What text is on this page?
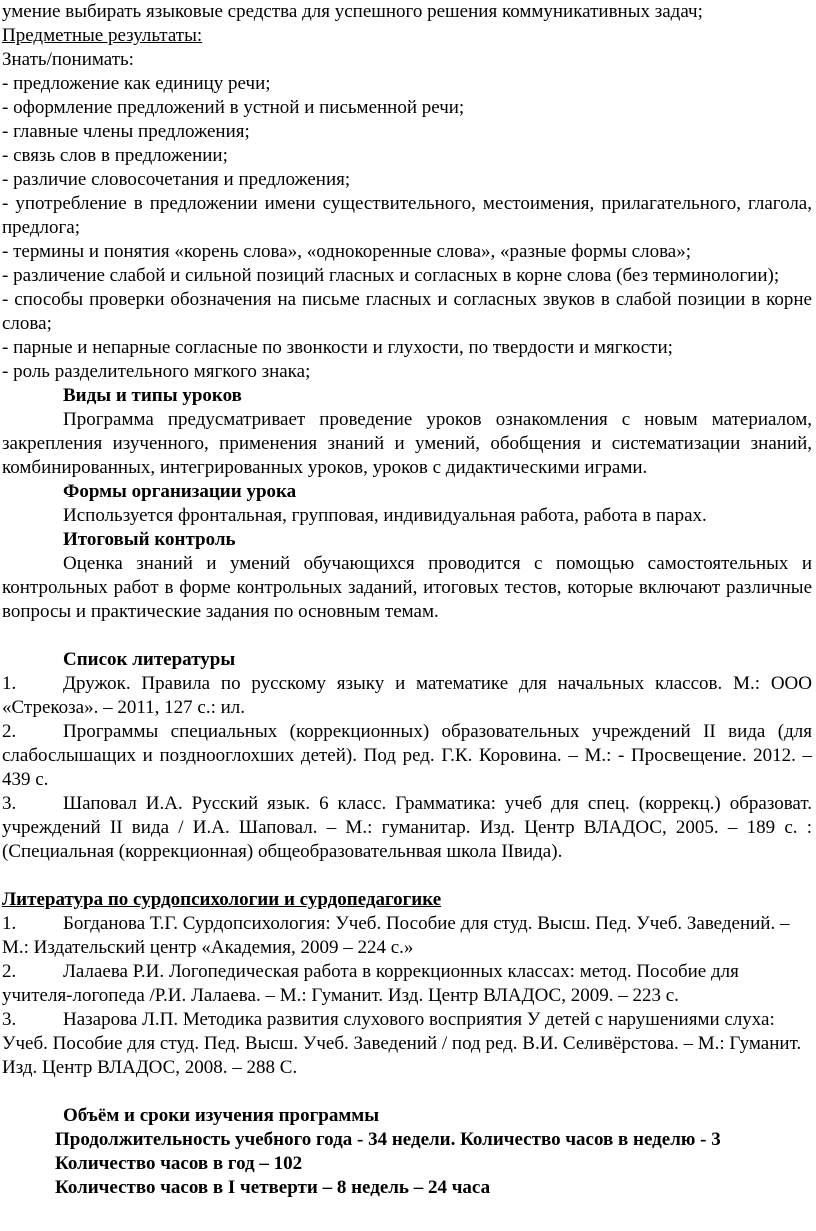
умение выбирать языковые средства для успешного решения коммуникативных задач;
Предметные результаты:
Знать/понимать:
- предложение как единицу речи;
- оформление предложений в устной и письменной речи;
- главные члены предложения;
- связь слов в предложении;
- различие словосочетания и предложения;
- употребление в предложении имени существительного, местоимения, прилагательного, глагола, предлога;
- термины и понятия «корень слова», «однокоренные слова», «разные формы слова»;
- различение слабой и сильной позиций гласных и согласных в корне слова (без терминологии);
- способы проверки обозначения на письме гласных и согласных звуков в слабой позиции в корне слова;
- парные и непарные согласные по звонкости и глухости, по твердости и мягкости;
- роль разделительного мягкого знака;
Виды и типы уроков
Программа предусматривает проведение уроков ознакомления с новым материалом, закрепления изученного, применения знаний и умений, обобщения и систематизации знаний, комбинированных, интегрированных уроков, уроков с дидактическими играми.
Формы организации урока
Используется фронтальная, групповая, индивидуальная работа, работа в парах.
Итоговый контроль
Оценка знаний и умений обучающихся проводится с помощью самостоятельных и контрольных работ в форме контрольных заданий, итоговых тестов, которые включают различные вопросы и практические задания по основным темам.
Список литературы
1. Дружок. Правила по русскому языку и математике для начальных классов. М.: ООО «Стрекоза». – 2011, 127 с.: ил.
2. Программы специальных (коррекционных) образовательных учреждений II вида (для слабослышащих и позднооглохших детей). Под ред. Г.К. Коровина. – М.: - Просвещение. 2012. – 439 с.
3. Шаповал И.А. Русский язык. 6 класс. Грамматика: учеб для спец. (коррекц.) образоват. учреждений II вида / И.А. Шаповал. – М.: гуманитар. Изд. Центр ВЛАДОС, 2005. – 189 с. : (Специальная (коррекционная) общеобразовательнвая школа IIвида).
Литература по сурдопсихологии и сурдопедагогике
1. Богданова Т.Г. Сурдопсихология: Учеб. Пособие для студ. Высш. Пед. Учеб. Заведений. – М.: Издательский центр «Академия, 2009 – 224 с.»
2. Лалаева Р.И. Логопедическая работа в коррекционных классах: метод. Пособие для учителя-логопеда /Р.И. Лалаева. – М.: Гуманит. Изд. Центр ВЛАДОС, 2009. – 223 с.
3. Назарова Л.П. Методика развития слухового восприятия У детей с нарушениями слуха: Учеб. Пособие для студ. Пед. Высш. Учеб. Заведений / под ред. В.И. Селивёрстова. – М.: Гуманит. Изд. Центр ВЛАДОС, 2008. – 288 С.
Объём и сроки изучения программы
Продолжительность учебного года - 34 недели. Количество часов в неделю - 3
Количество часов в год – 102
Количество часов в I четверти – 8 недель – 24 часа
